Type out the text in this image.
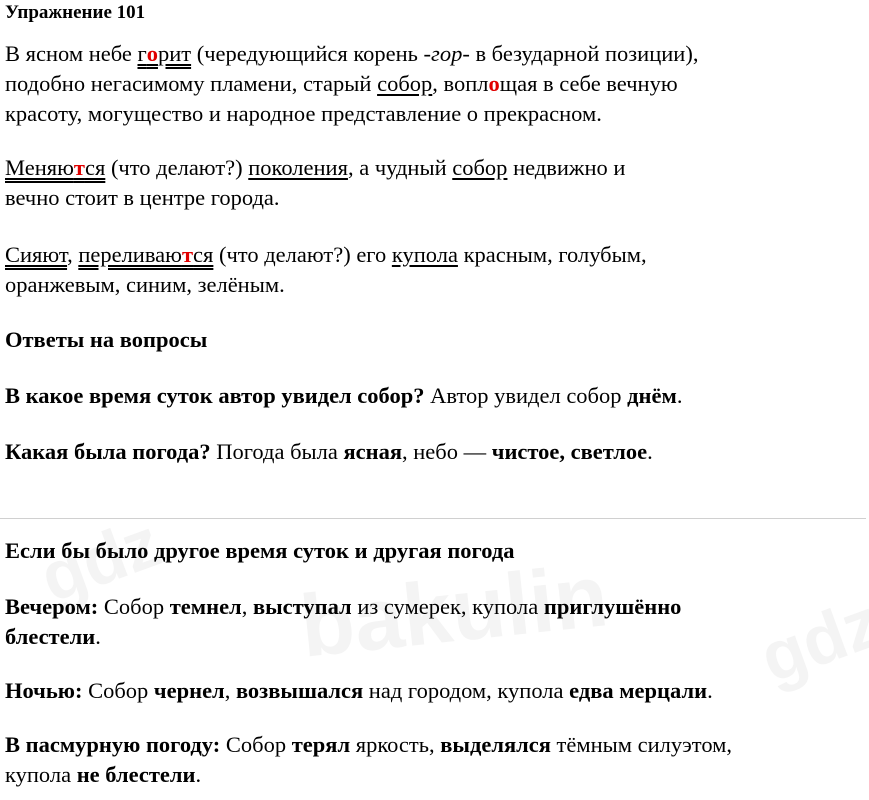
Упражнение 101

В ясном небе горит (чередующийся корень -гор- в безударной позиции),
подобно негасимому пламени, старый собор, воплощая в себе вечную
красоту, могущество и народное представление о прекрасном.

Меняются (что делают?) поколения, а чудный собор недвижно и
вечно стоит в центре города.

Сияют, переливаются (что делают?) его купола красным, голубым,
оранжевым, синим, зелёным.

Ответы на вопросы

В какое время суток автор увидел собор? Автор увидел собор днём.

Какая была погода? Погода была ясная, небо — чистое, светлое.

Если бы было другое время суток и другая погода

Вечером: Собор темнел, выступал из сумерек, купола приглушённо
блестели.

Ночью: Собор чернел, возвышался над городом, купола едва мерцали.

В пасмурную погоду: Собор терял яркость, выделялся тёмным силуэтом,
купола не блестели.
